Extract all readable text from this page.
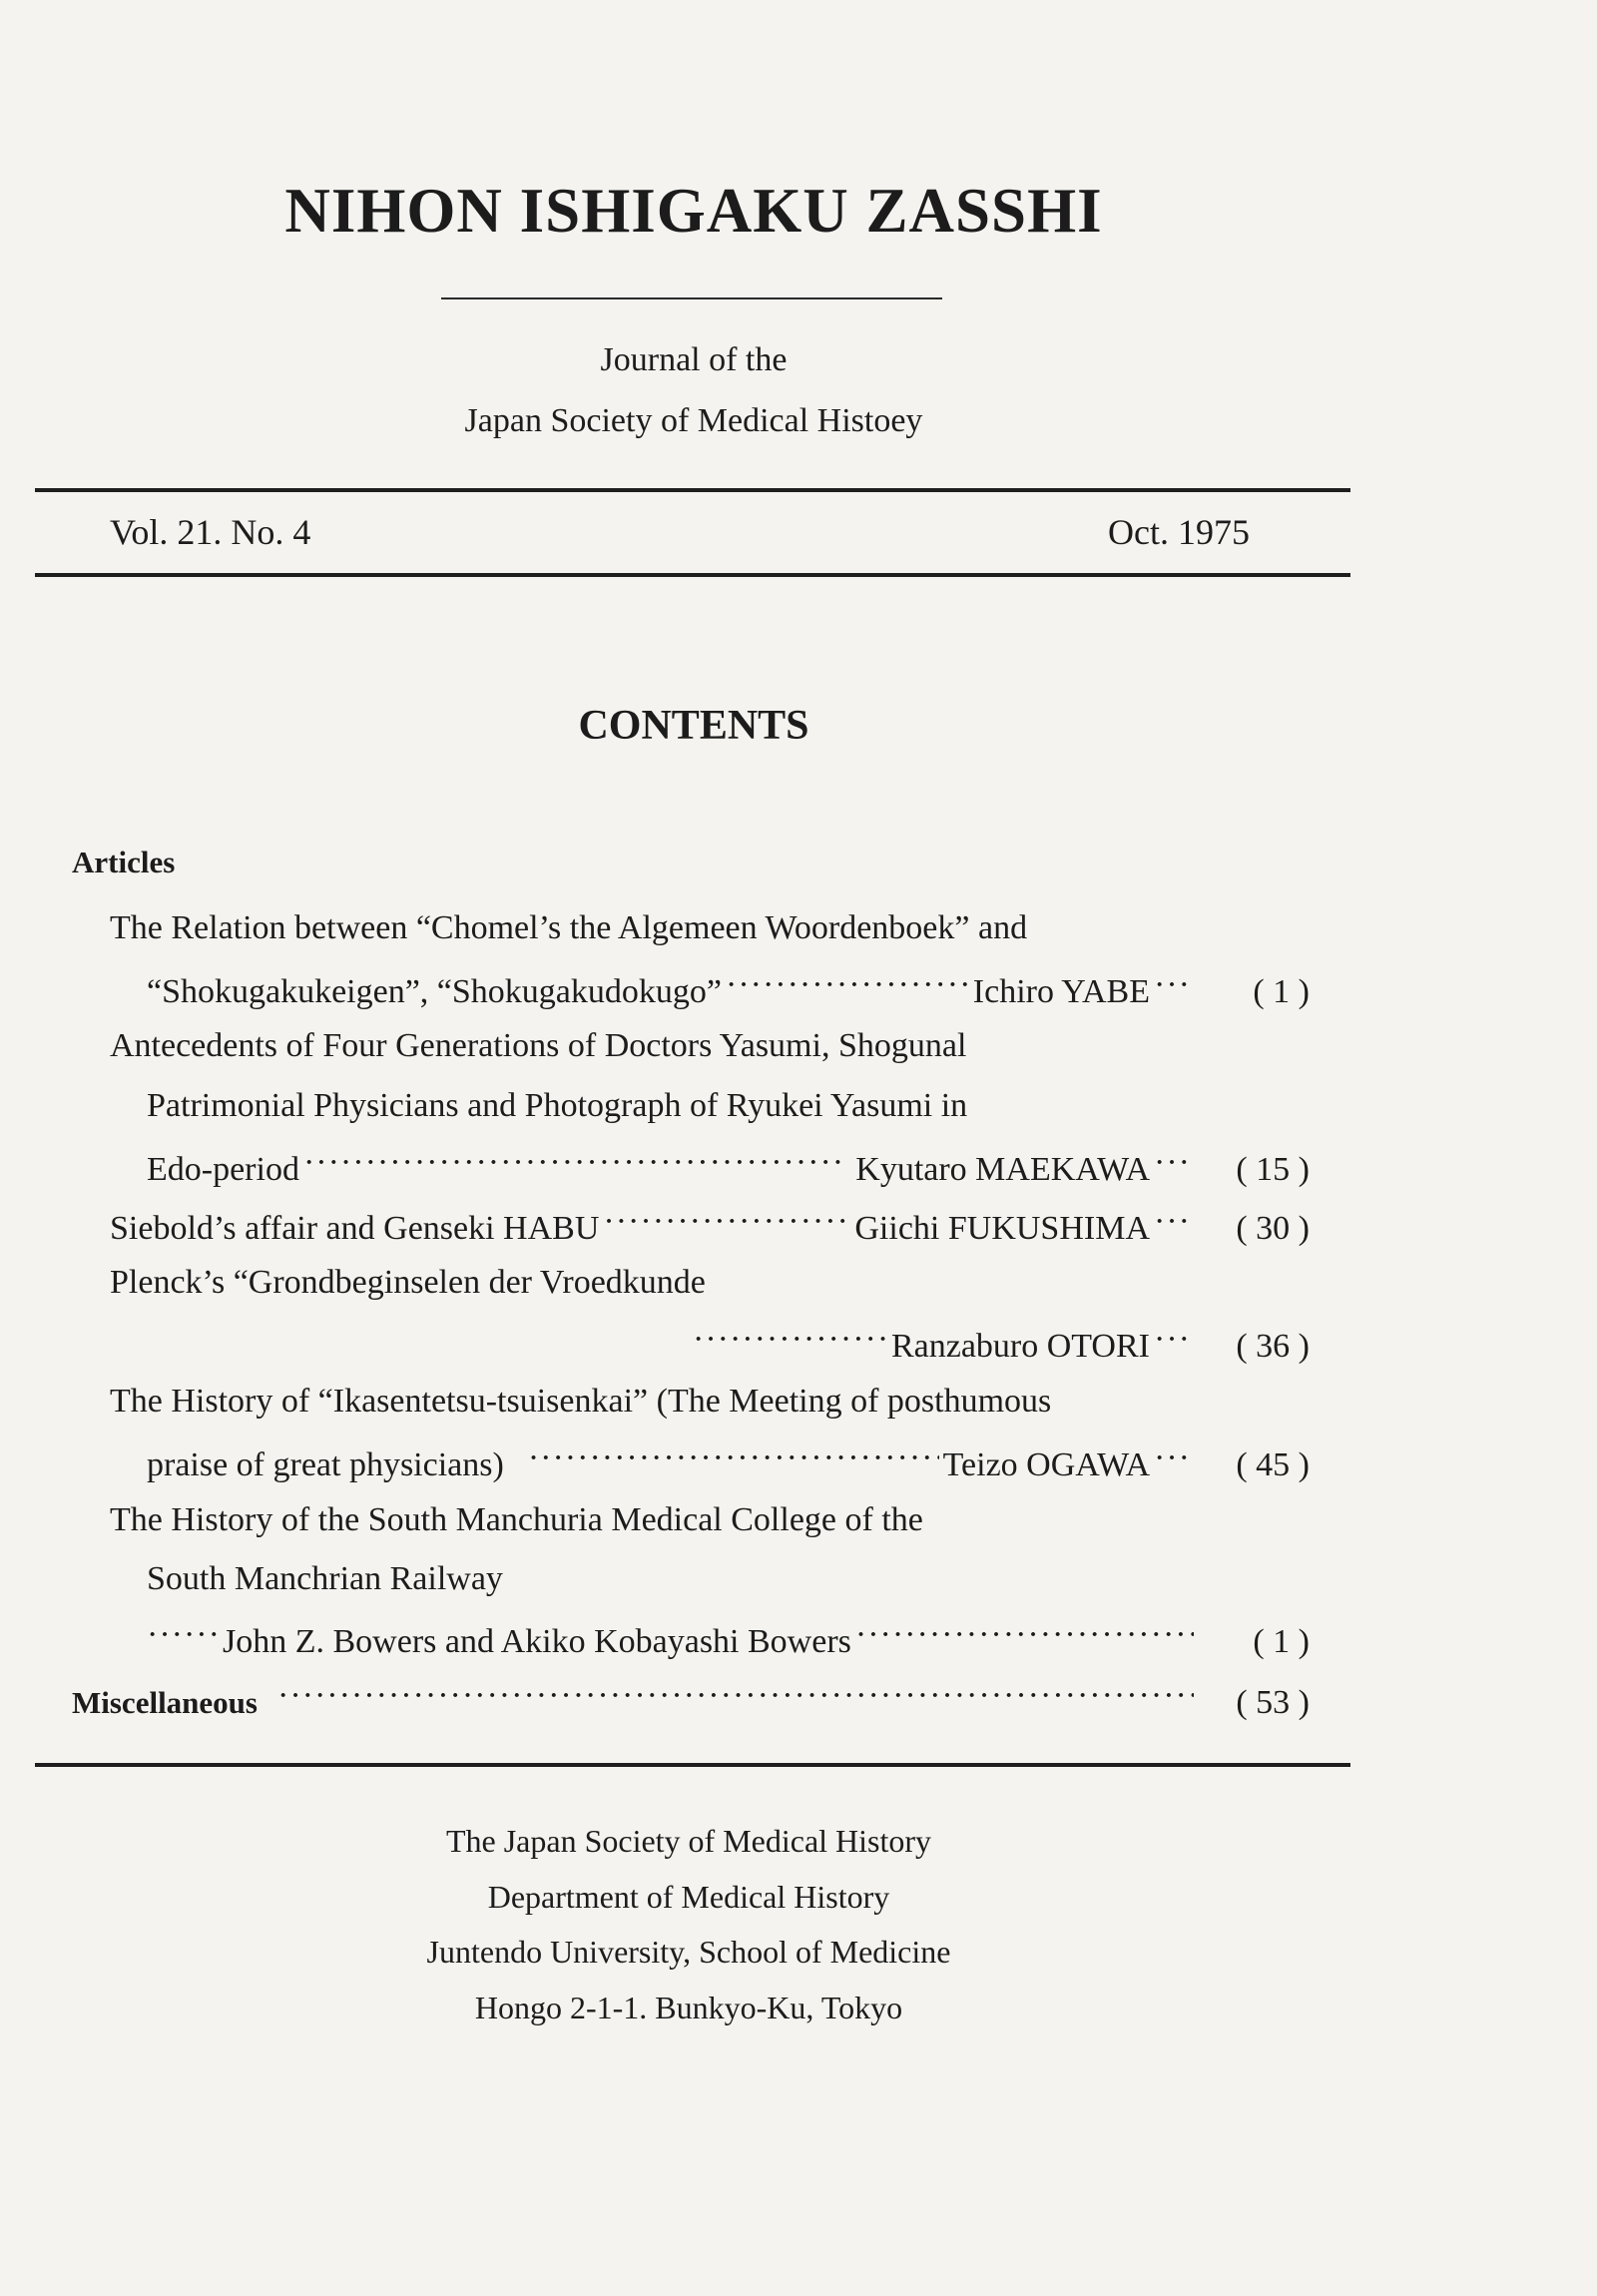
NIHON ISHIGAKU ZASSHI
Journal of the
Japan Society of Medical Histoey
Vol. 21. No. 4	Oct. 1975
CONTENTS
Articles
The Relation between “Chomel’s the Algemeen Woordenboek” and
“Shokugakukeigen”, “Shokugakudokugo” ·····	Ichiro YABE ·····	( 1 )
Antecedents of Four Generations of Doctors Yasumi, Shogunal
Patrimonial Physicians and Photograph of Ryukei Yasumi in
Edo-period ·····	Kyutaro MAEKAWA ·····	( 15 )
Siebold’s affair and Genseki HABU ·····	Giichi FUKUSHIMA ·····	( 30 )
Plenck’s “Grondbeginselen der Vroedkunde
·····
Ranzaburo OTORI ·····	( 36 )
The History of “Ikasentetsu-tsuisenkai” (The Meeting of posthumous
praise of great physicians) ·····	Teizo OGAWA ·····	( 45 )
The History of the South Manchuria Medical College of the
South Manchrian Railway
·····
John Z. Bowers and Akiko Kobayashi Bowers ·····	( 1 )
Miscellaneous ·····	( 53 )
The Japan Society of Medical History
Department of Medical History
Juntendo University, School of Medicine
Hongo 2-1-1. Bunkyo-Ku, Tokyo
